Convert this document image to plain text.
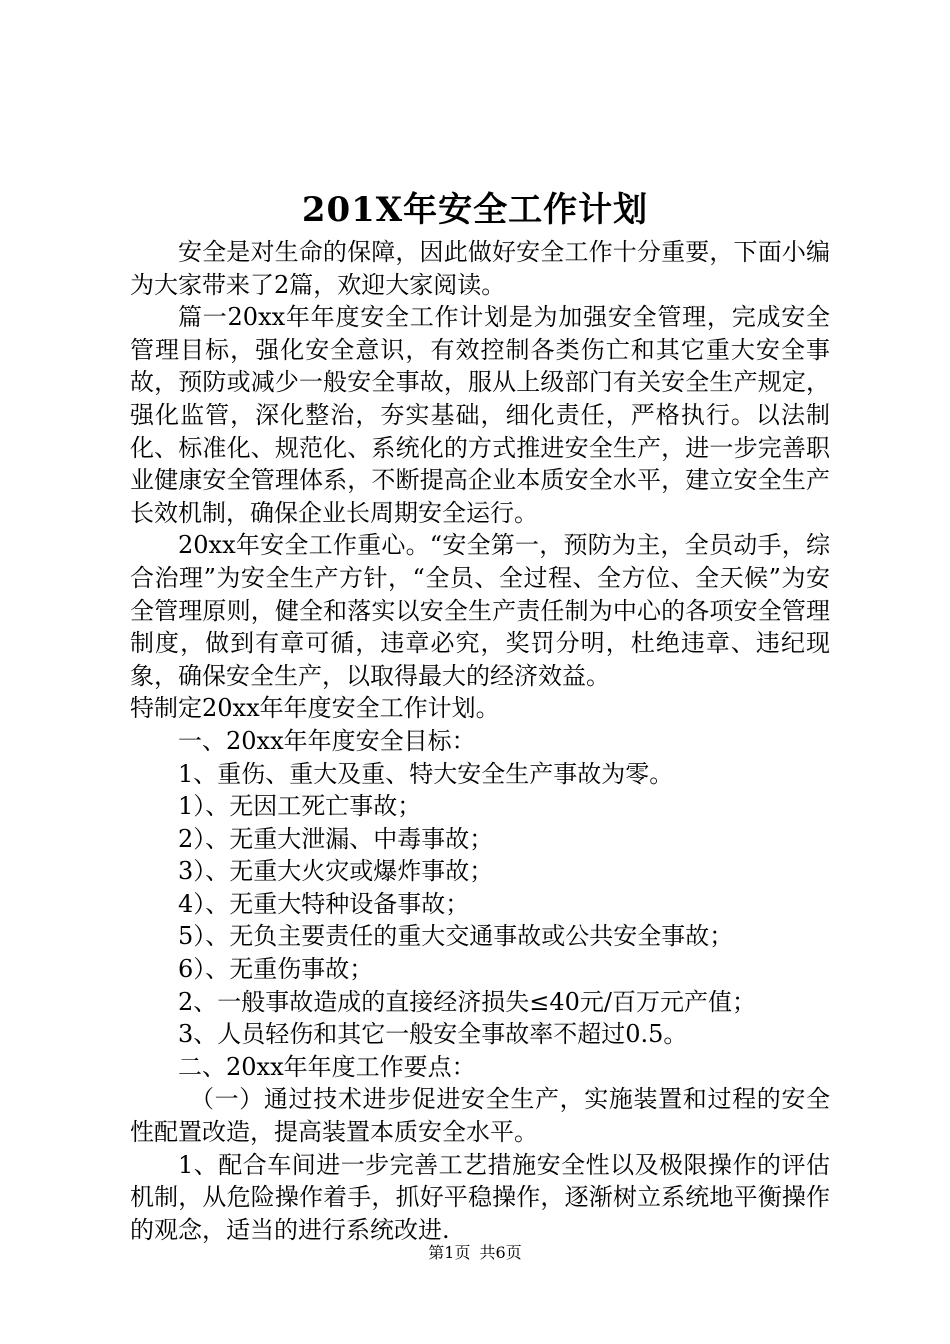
201X年安全工作计划

安全是对生命的保障，因此做好安全工作十分重要，下面小编为大家带来了2篇，欢迎大家阅读。

篇一20xx年年度安全工作计划是为加强安全管理，完成安全管理目标，强化安全意识，有效控制各类伤亡和其它重大安全事故，预防或减少一般安全事故，服从上级部门有关安全生产规定，强化监管，深化整治，夯实基础，细化责任，严格执行。以法制化、标准化、规范化、系统化的方式推进安全生产，进一步完善职业健康安全管理体系，不断提高企业本质安全水平，建立安全生产长效机制，确保企业长周期安全运行。

20xx年安全工作重心。“安全第一，预防为主，全员动手，综合治理”为安全生产方针，“全员、全过程、全方位、全天候”为安全管理原则，健全和落实以安全生产责任制为中心的各项安全管理制度，做到有章可循，违章必究，奖罚分明，杜绝违章、违纪现象，确保安全生产，以取得最大的经济效益。

特制定20xx年年度安全工作计划。

一、20xx年年度安全目标：

1、重伤、重大及重、特大安全生产事故为零。

1）、无因工死亡事故；

2）、无重大泄漏、中毒事故；

3）、无重大火灾或爆炸事故；

4）、无重大特种设备事故；

5）、无负主要责任的重大交通事故或公共安全事故；

6）、无重伤事故；

2、一般事故造成的直接经济损失≤40元/百万元产值；

3、人员轻伤和其它一般安全事故率不超过0.5。

二、20xx年年度工作要点：

（一）通过技术进步促进安全生产，实施装置和过程的安全性配置改造，提高装置本质安全水平。

1、配合车间进一步完善工艺措施安全性以及极限操作的评估机制，从危险操作着手，抓好平稳操作，逐渐树立系统地平衡操作的观念，适当的进行系统改进.

第1页 共6页
